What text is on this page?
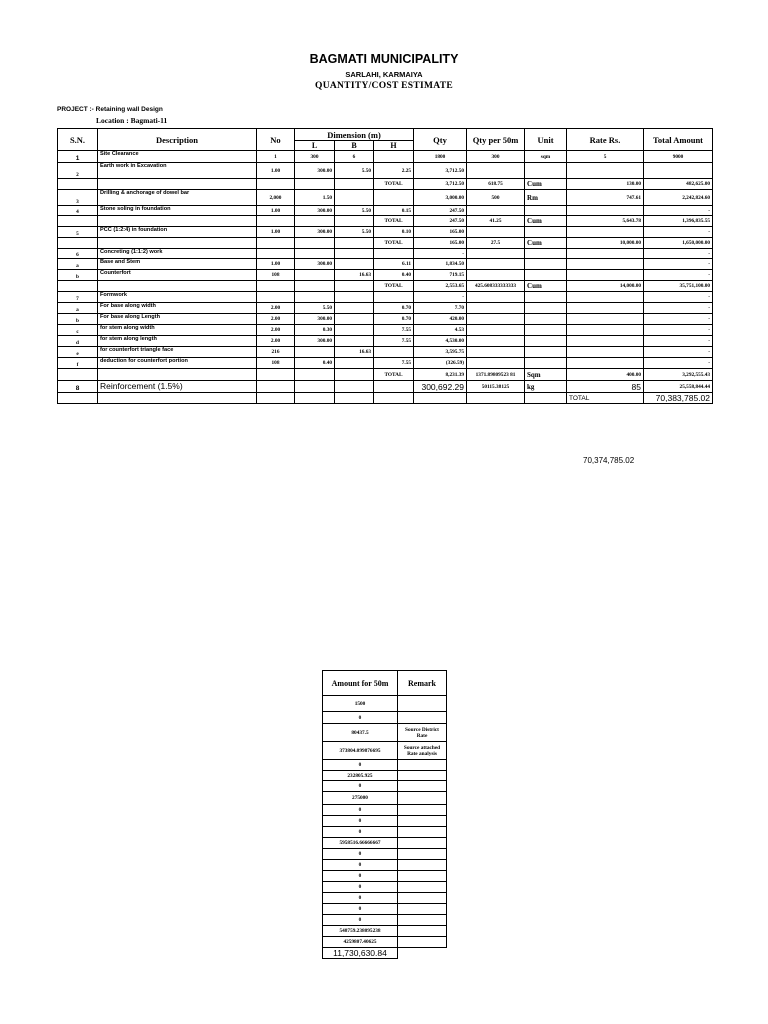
BAGMATI MUNICIPALITY
SARLAHI, KARMAIYA
QUANTITY/COST ESTIMATE
PROJECT :- Retaining wall Design
Location : Bagmati-11
S.N.	Description	No	Dimension (m)			Qty	Qty per 50m	Unit	Rate Rs.	Total Amount
			L	B	H					
1	Site Clearance	1	300	6		1800	300	sqm	5	9000
2	Earth work in Excavation	1.00	300.00	5.50	2.25	3,712.50				
					TOTAL	3,712.50	618.75	Cum	130.00	482,625.00
3	Drilling & anchorage of dowel bar	2,000	1.50			3,000.00	500	Rm	747.61	2,242,824.60
4	Stone soling in foundation	1.00	300.00	5.50	0.15	247.50				-
					TOTAL	247.50	41.25	Cum	5,643.78	1,396,835.55
5	PCC (1:2:4) in foundation	1.00	300.00	5.50	0.10	165.00				-
					TOTAL	165.00	27.5	Cum	10,000.00	1,650,000.00
6	Concreting (1:1:2) work					-				-
a	Base and Stem	1.00	300.00		6.11	1,834.50				-
b	Counterfort	108		16.63	0.40	719.15				-
					TOTAL	2,553.65	425.608333333333	Cum	14,000.00	35,751,100.00
7	Formwork					-				-
a	For base along width	2.00	5.50		0.70	7.70				-
b	For base along Length	2.00	300.00		0.70	420.00				-
c	for stem along width	2.00	0.30		7.55	4.53				-
d	for stem along length	2.00	300.00		7.55	4,530.00				-
e	for counterfort triangle face	216		16.63		3,595.75				-
f	deduction for counterfort portion	108	0.40		7.55	(326.59)				-
					TOTAL	8,231.39	1371.89809523 81	Sqm	400.00	3,292,555.43
8	Reinforcement (1.5%)					300,692.29	50115.38125	kg	85	25,558,844.44
									TOTAL	70,383,785.02
70,374,785.02
Amount for 50m	Remark
1500	
0	
80437.5	Source District Rate
373804.099876695	Source attached Rate analysis
0	
232805.925	
0	
275000	
0	
0	
0	
5958516.66666667	
0	
0	
0	
0	
0	
0	
0	
548759.238095238	
4259807.40625	
11,730,630.84	
